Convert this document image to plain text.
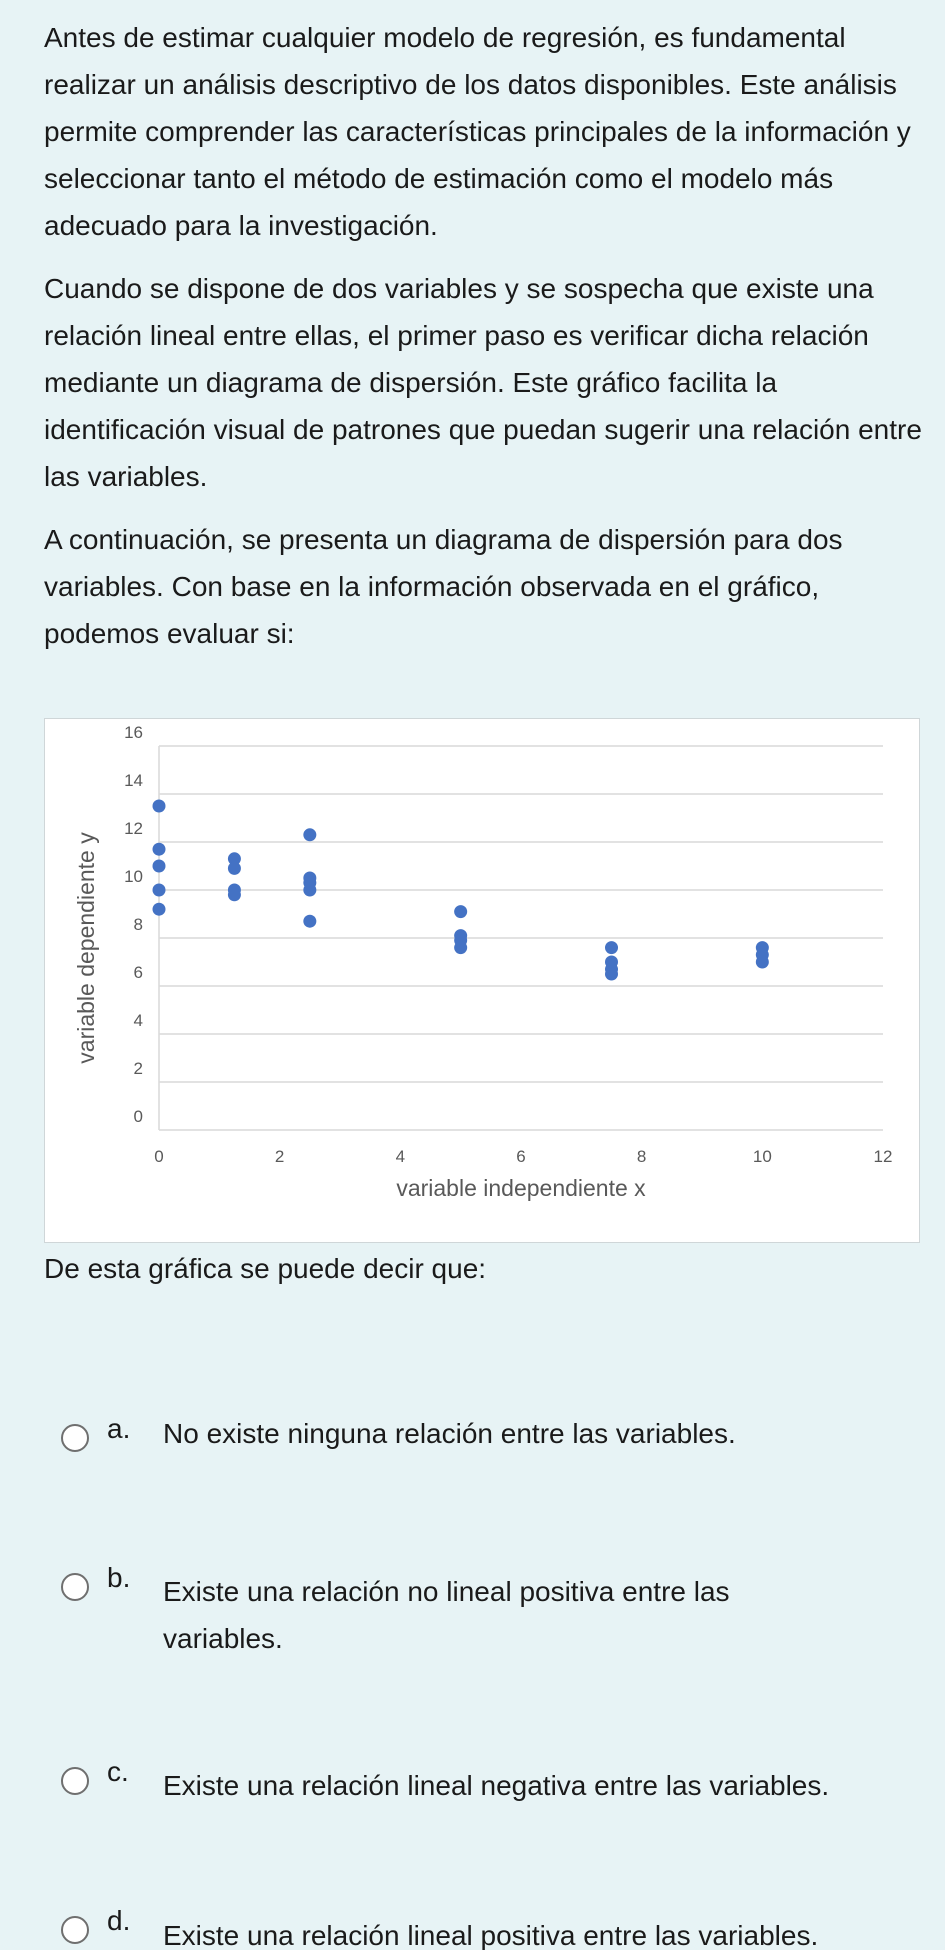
Antes de estimar cualquier modelo de regresión, es fundamental realizar un análisis descriptivo de los datos disponibles. Este análisis permite comprender las características principales de la información y seleccionar tanto el método de estimación como el modelo más adecuado para la investigación.

Cuando se dispone de dos variables y se sospecha que existe una relación lineal entre ellas, el primer paso es verificar dicha relación mediante un diagrama de dispersión. Este gráfico facilita la identificación visual de patrones que puedan sugerir una relación entre las variables.

A continuación, se presenta un diagrama de dispersión para dos variables. Con base en la información observada en el gráfico, podemos evaluar si:

0
2
4
6
8
10
12
14
16
0	2	4	6	8	10	12
variable independiente x
variable dependiente y
De esta gráfica se puede decir que:
a. No existe ninguna relación entre las variables.
b. Existe una relación no lineal positiva entre las variables.
c. Existe una relación lineal negativa entre las variables.
d. Existe una relación lineal positiva entre las variables.
